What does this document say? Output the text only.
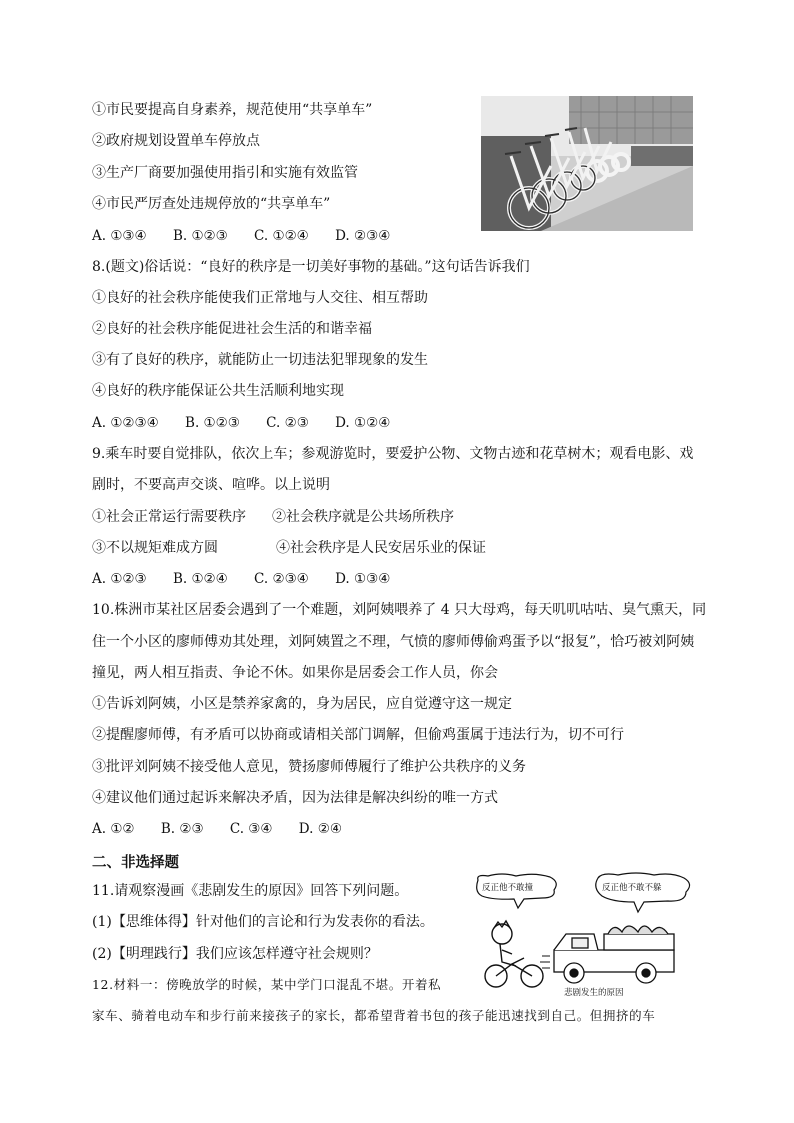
①市民要提高自身素养，规范使用“共享单车”
②政府规划设置单车停放点
③生产厂商要加强使用指引和实施有效监管
④市民严厉查处违规停放的“共享单车”
A. ①③④ B. ①②③ C. ①②④ D. ②③④
8.(题文)俗话说：“良好的秩序是一切美好事物的基础。”这句话告诉我们
①良好的社会秩序能使我们正常地与人交往、相互帮助
②良好的社会秩序能促进社会生活的和谐幸福
③有了良好的秩序，就能防止一切违法犯罪现象的发生
④良好的秩序能保证公共生活顺利地实现
A. ①②③④ B. ①②③ C. ②③ D. ①②④
9.乘车时要自觉排队，依次上车；参观游览时，要爱护公物、文物古迹和花草树木；观看电影、戏
剧时，不要高声交谈、喧哗。以上说明
①社会正常运行需要秩序 ②社会秩序就是公共场所秩序
③不以规矩难成方圆	④社会秩序是人民安居乐业的保证
A. ①②③ B. ①②④ C. ②③④ D. ①③④
10.株洲市某社区居委会遇到了一个难题，刘阿姨喂养了 4 只大母鸡，每天叽叽咕咕、臭气熏天，同
住一个小区的廖师傅劝其处理，刘阿姨置之不理，气愤的廖师傅偷鸡蛋予以“报复”，恰巧被刘阿姨
撞见，两人相互指责、争论不休。如果你是居委会工作人员，你会
①告诉刘阿姨，小区是禁养家禽的，身为居民，应自觉遵守这一规定
②提醒廖师傅，有矛盾可以协商或请相关部门调解，但偷鸡蛋属于违法行为，切不可行
③批评刘阿姨不接受他人意见，赞扬廖师傅履行了维护公共秩序的义务
④建议他们通过起诉来解决矛盾，因为法律是解决纠纷的唯一方式
A. ①② B. ②③ C. ③④ D. ②④
二、非选择题
11.请观察漫画《悲剧发生的原因》回答下列问题。
(1)【思维体得】针对他们的言论和行为发表你的看法。
(2)【明理践行】我们应该怎样遵守社会规则？
反正他不敢撞	反正他不敢不躲
悲剧发生的原因
12.材料一：傍晚放学的时候，某中学门口混乱不堪。开着私
家车、骑着电动车和步行前来接孩子的家长，都希望背着书包的孩子能迅速找到自己。但拥挤的车
